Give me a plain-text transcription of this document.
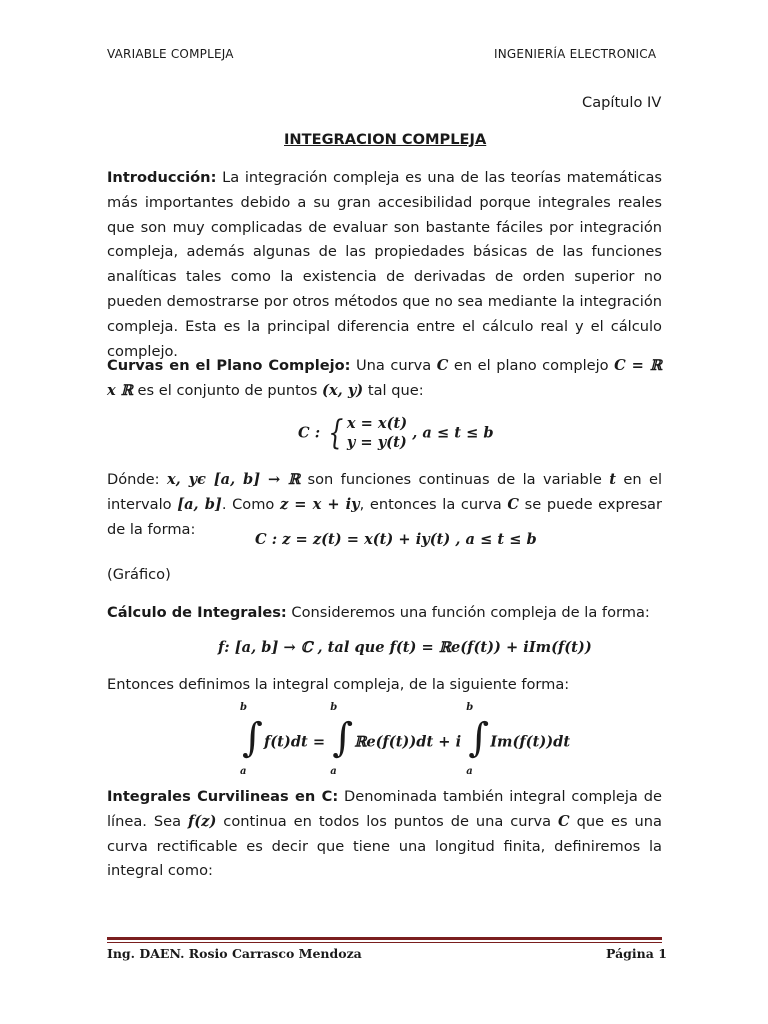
VARIABLE COMPLEJA	INGENIERÍA ELECTRONICA
Capítulo IV
INTEGRACION COMPLEJA
Introducción: La integración compleja es una de las teorías matemáticas más importantes debido a su gran accesibilidad porque integrales reales que son muy complicadas de evaluar son bastante fáciles por integración compleja, además algunas de las propiedades básicas de las funciones analíticas tales como la existencia de derivadas de orden superior no pueden demostrarse por otros métodos que no sea mediante la integración compleja. Esta es la principal diferencia entre el cálculo real y el cálculo complejo.
Curvas en el Plano Complejo: Una curva C en el plano complejo C = ℝ x ℝ es el conjunto de puntos (x, y) tal que:
C : { x = x(t)
y = y(t) , a ≤ t ≤ b
Dónde: x, yϵ [a, b] → ℝ son funciones continuas de la variable t en el intervalo [a, b]. Como z = x + iy, entonces la curva C se puede expresar de la forma:
C : z = z(t) = x(t) + iy(t) , a ≤ t ≤ b
(Gráfico)
Cálculo de Integrales: Consideremos una función compleja de la forma:
f: [a, b] → ℂ , tal que f(t) = ℝe(f(t)) + iIm(f(t))
Entonces definimos la integral compleja, de la siguiente forma:
b
∫
a
f(t)dt =
b
∫
a
ℝe(f(t))dt + i
b
∫
a
Im(f(t))dt
Integrales Curvilineas en C: Denominada también integral compleja de línea. Sea f(z) continua en todos los puntos de una curva C que es una curva rectificable es decir que tiene una longitud finita, definiremos la integral como:
Ing. DAEN. Rosio Carrasco Mendoza	Página 1
